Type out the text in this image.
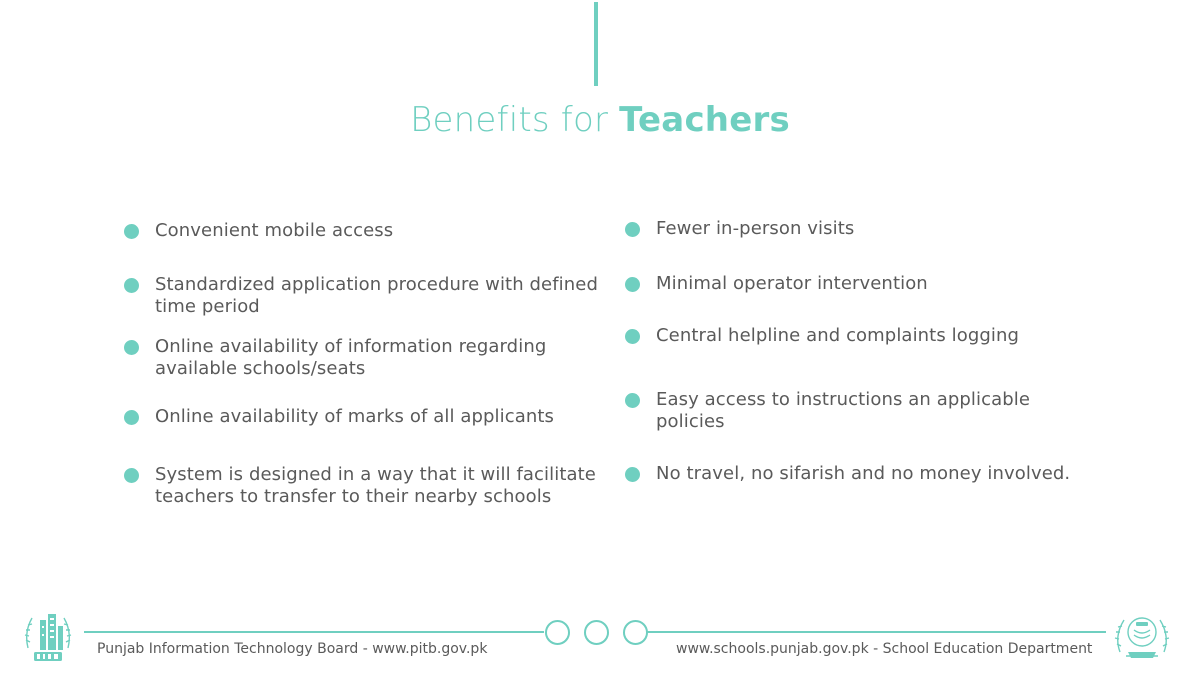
Benefits for Teachers
Convenient mobile access
Standardized application procedure with defined time period
Online availability of information regarding available schools/seats
Online availability of marks of all applicants
System is designed in a way that it will facilitate teachers to transfer to their nearby schools
Fewer in-person visits
Minimal operator intervention
Central helpline and complaints logging
Easy access to instructions an applicable policies
No travel, no sifarish and no money involved.
Punjab Information Technology Board - www.pitb.gov.pk	www.schools.punjab.gov.pk - School Education Department
